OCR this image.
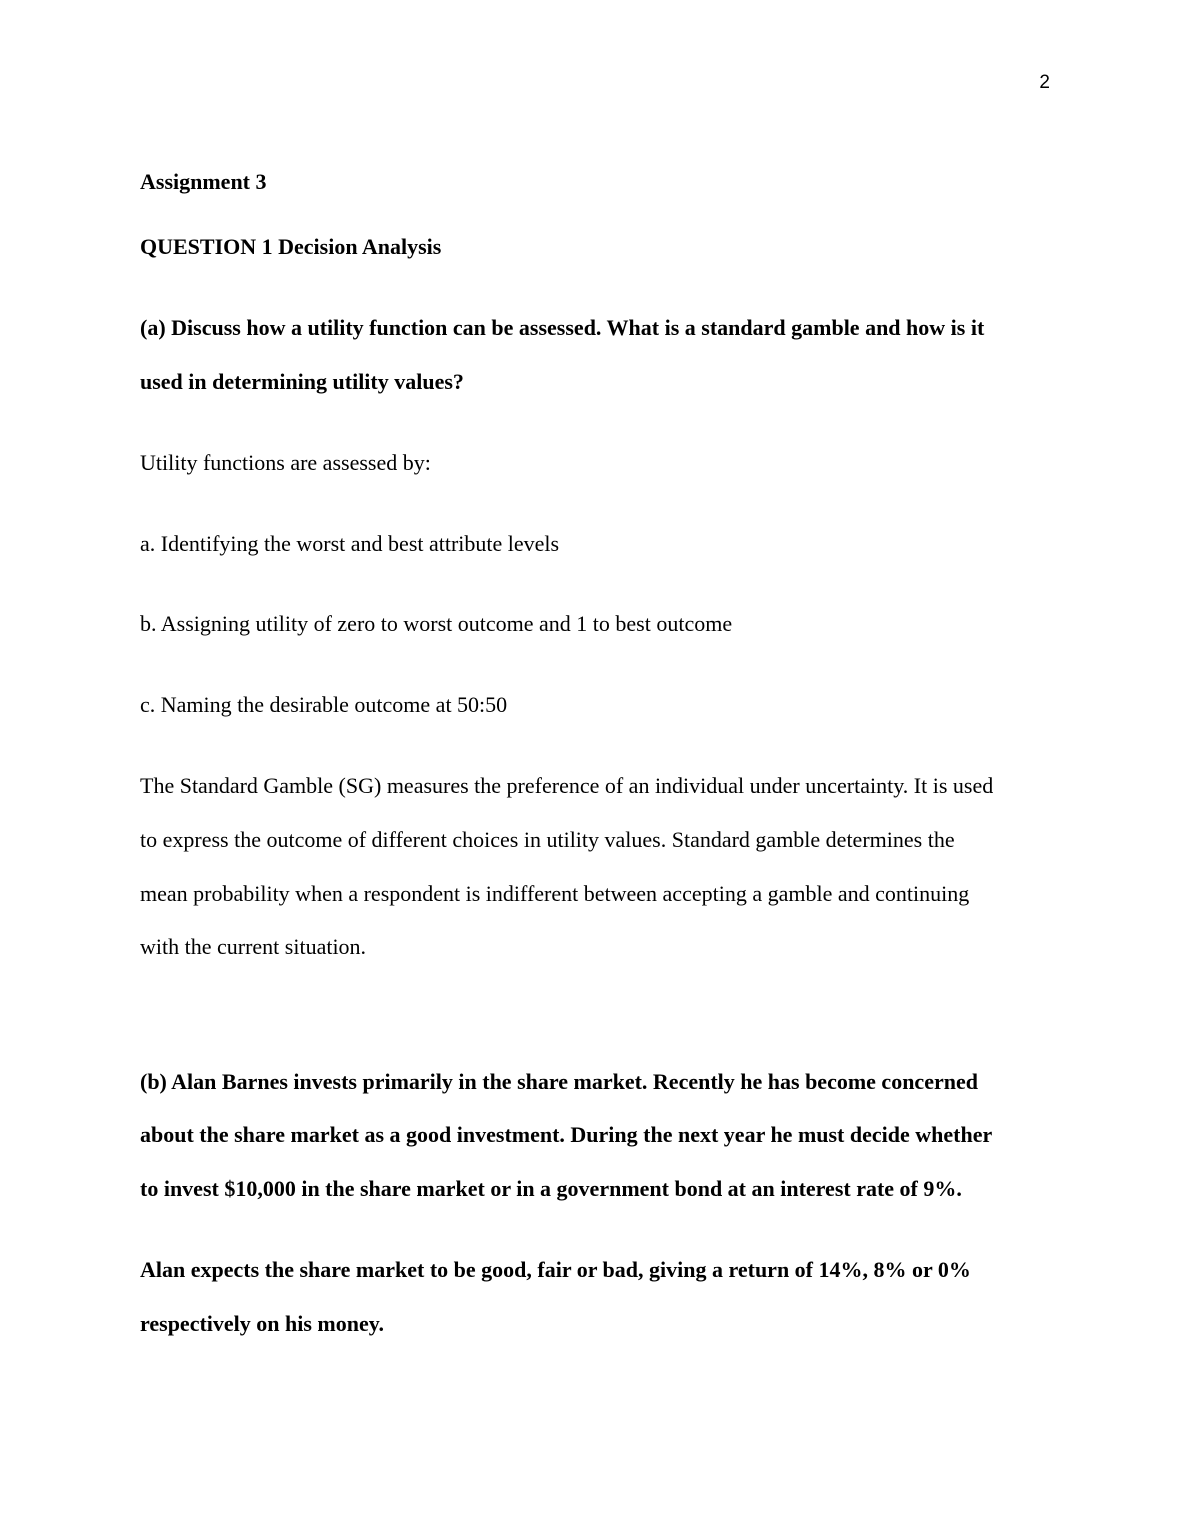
2
Assignment 3
QUESTION 1 Decision Analysis
(a) Discuss how a utility function can be assessed. What is a standard gamble and how is it
used in determining utility values?
Utility functions are assessed by:
a. Identifying the worst and best attribute levels
b. Assigning utility of zero to worst outcome and 1 to best outcome
c. Naming the desirable outcome at 50:50
The Standard Gamble (SG) measures the preference of an individual under uncertainty. It is used
to express the outcome of different choices in utility values. Standard gamble determines the
mean probability when a respondent is indifferent between accepting a gamble and continuing
with the current situation.
(b) Alan Barnes invests primarily in the share market. Recently he has become concerned
about the share market as a good investment. During the next year he must decide whether
to invest $10,000 in the share market or in a government bond at an interest rate of 9%.
Alan expects the share market to be good, fair or bad, giving a return of 14%, 8% or 0%
respectively on his money.
